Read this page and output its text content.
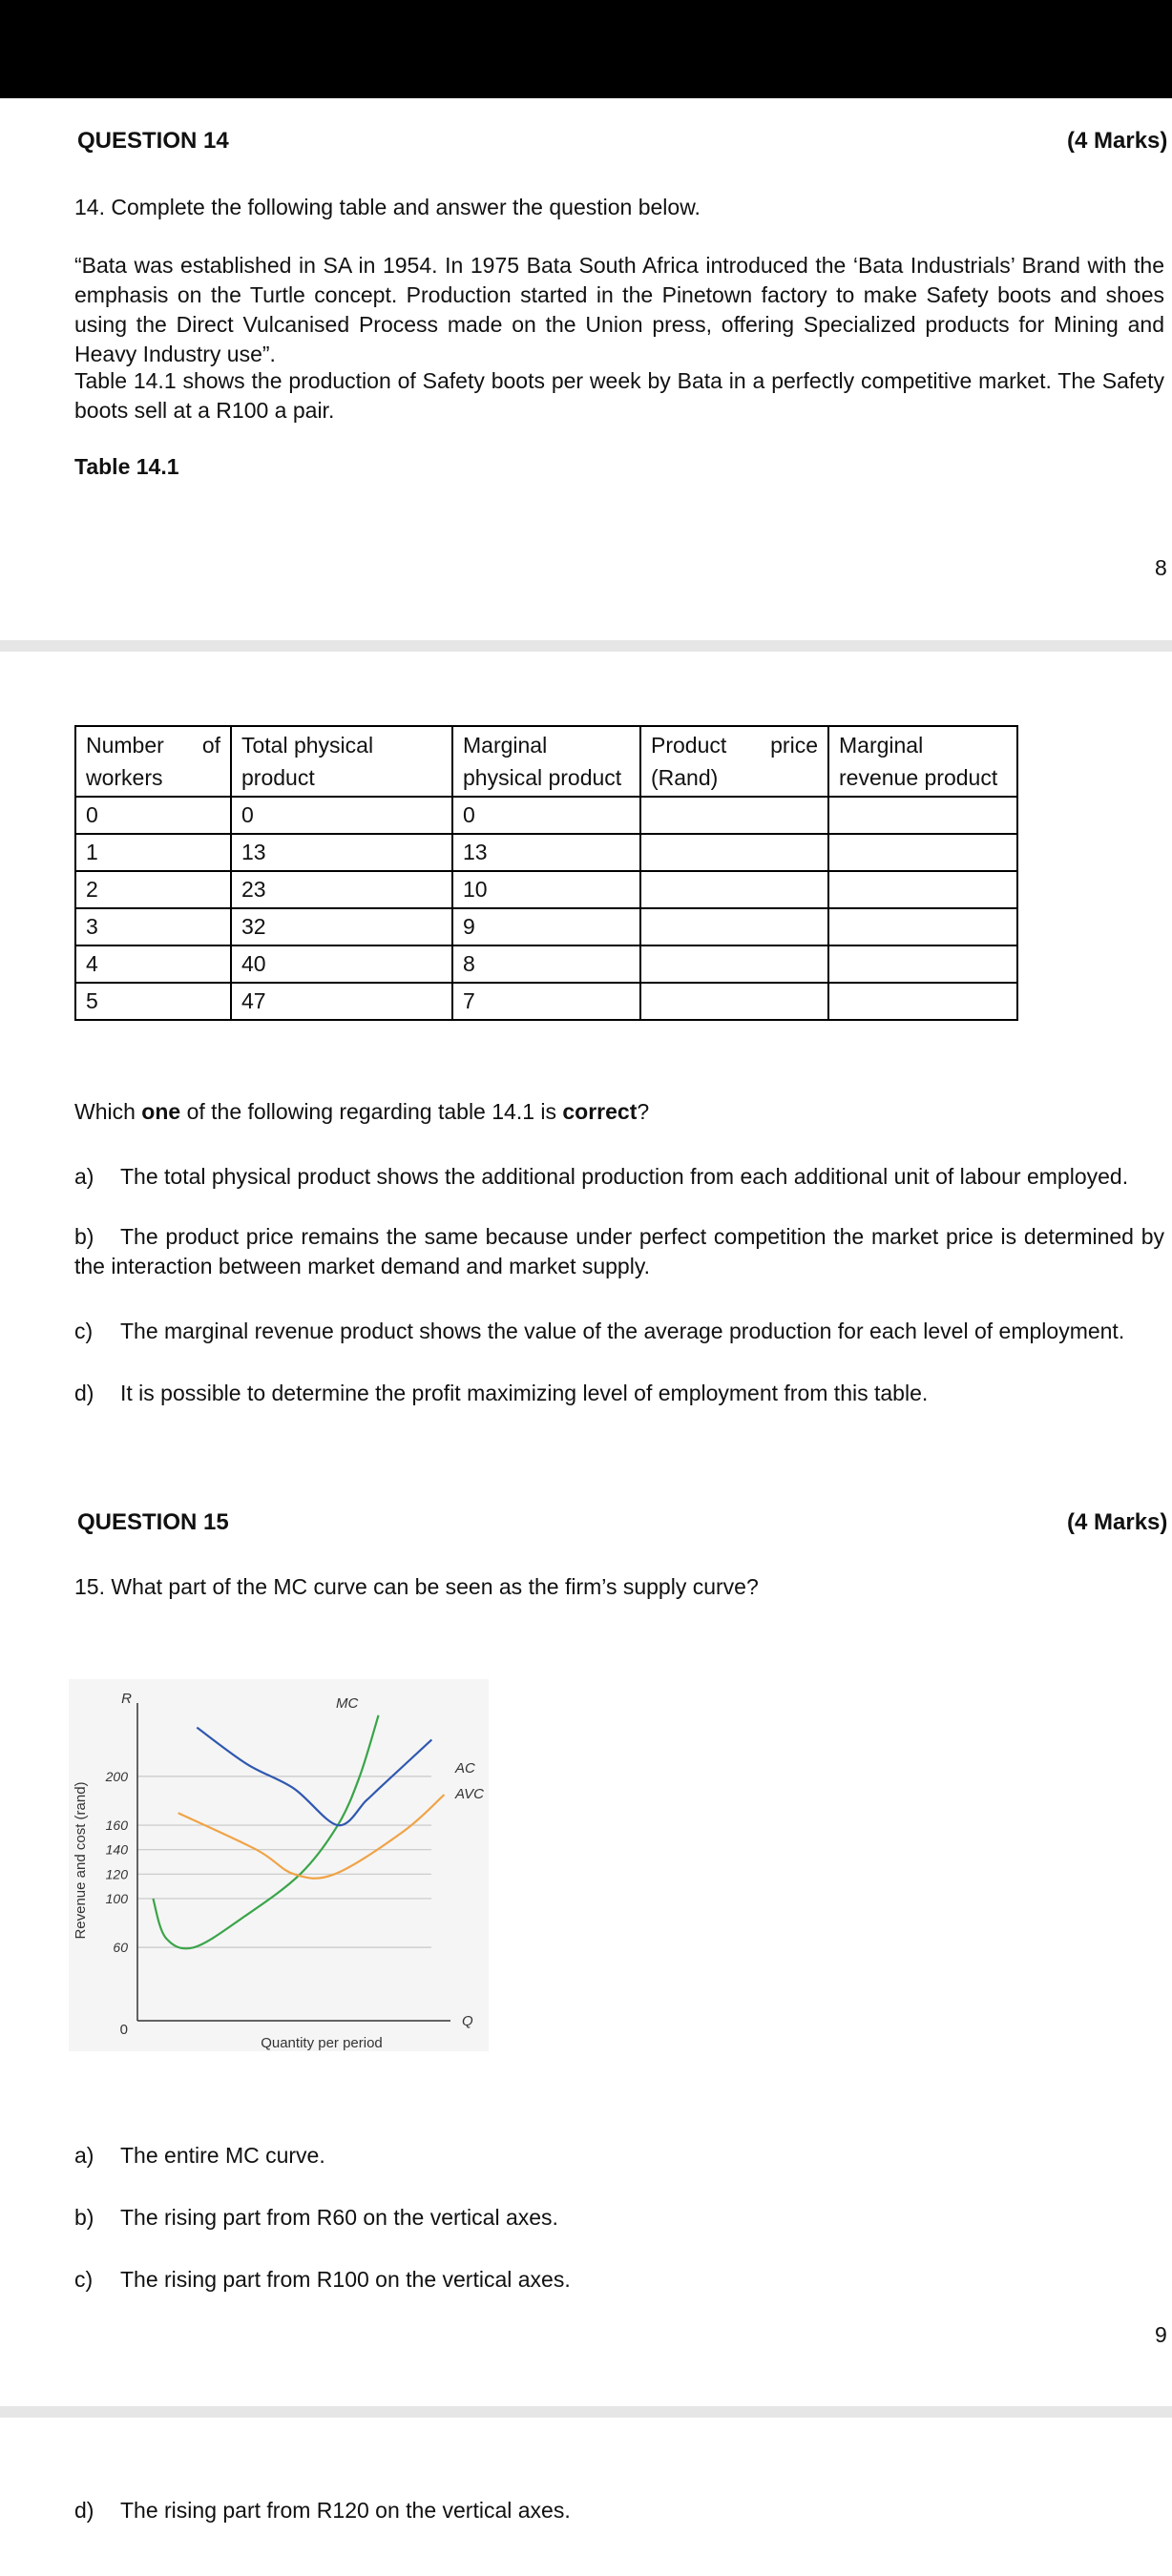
QUESTION 14	(4 Marks)
14. Complete the following table and answer the question below.
“Bata was established in SA in 1954. In 1975 Bata South Africa introduced the ‘Bata Industrials’ Brand with the emphasis on the Turtle concept. Production started in the Pinetown factory to make Safety boots and shoes using the Direct Vulcanised Process made on the Union press, offering Specialized products for Mining and Heavy Industry use”.
Table 14.1 shows the production of Safety boots per week by Bata in a perfectly competitive market. The Safety boots sell at a R100 a pair.
Table 14.1
8
Number of workers	Total physical product	Marginal physical product	Product price (Rand)	Marginal revenue product
0	0	0		
1	13	13		
2	23	10		
3	32	9		
4	40	8		
5	47	7		
Which one of the following regarding table 14.1 is correct?
a) The total physical product shows the additional production from each additional unit of labour employed.
b) The product price remains the same because under perfect competition the market price is determined by the interaction between market demand and market supply.
c) The marginal revenue product shows the value of the average production for each level of employment.
d) It is possible to determine the profit maximizing level of employment from this table.
QUESTION 15	(4 Marks)
15. What part of the MC curve can be seen as the firm’s supply curve?
60
100
120
140
160
200
MC
AC
AVC
R
Q
0
Quantity per period
Revenue and cost (rand)
a) The entire MC curve.
b) The rising part from R60 on the vertical axes.
c) The rising part from R100 on the vertical axes.
9
d) The rising part from R120 on the vertical axes.
